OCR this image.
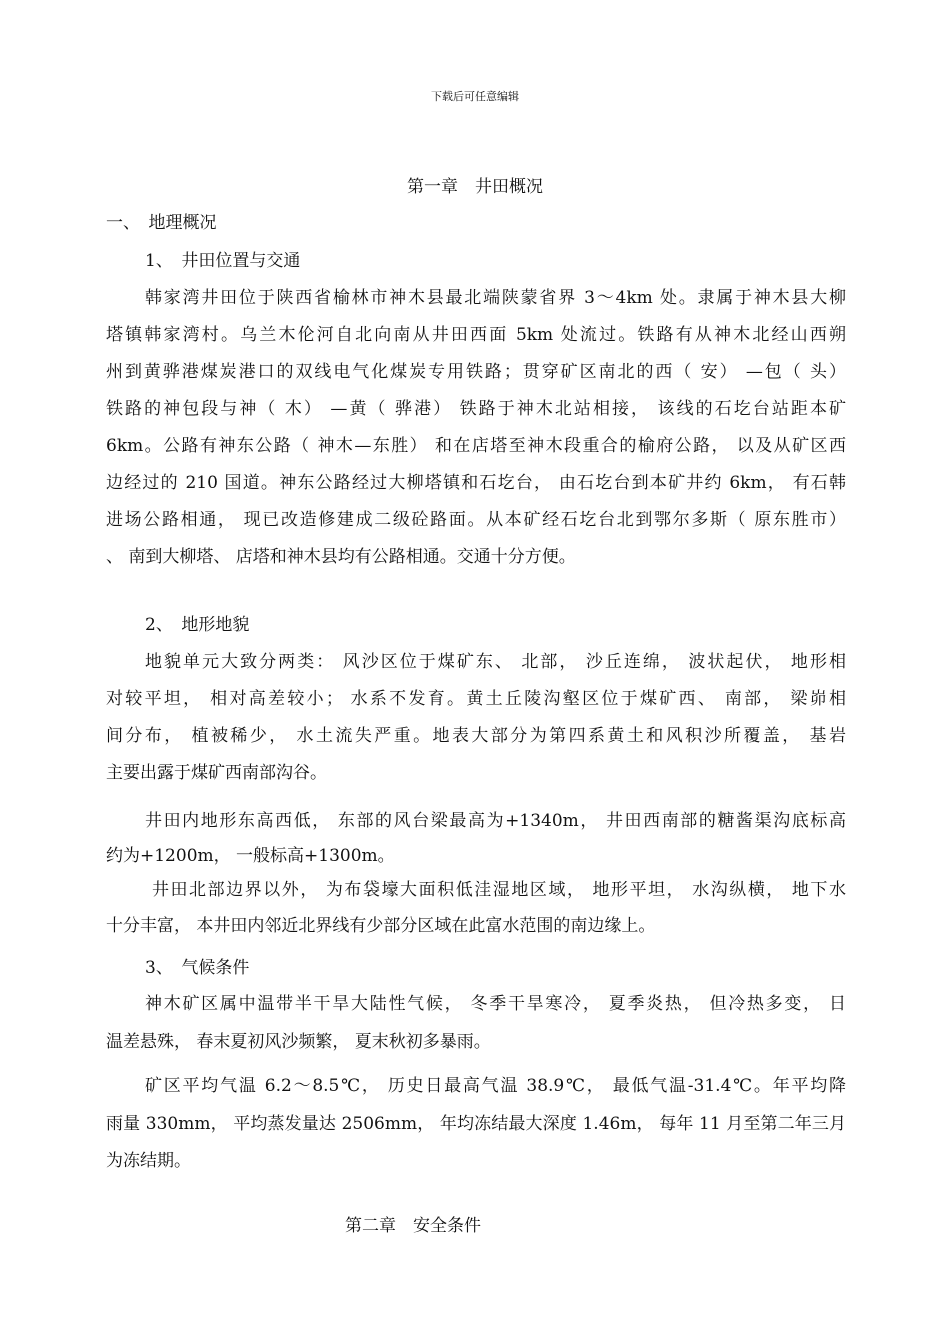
下载后可任意编辑
第一章　井田概况
一、　地理概况
1、　井田位置与交通
韩家湾井田位于陕西省榆林市神木县最北端陕蒙省界 3～4km 处。隶属于神木县大柳
塔镇韩家湾村。乌兰木伦河自北向南从井田西面 5km 处流过。铁路有从神木北经山西朔
州到黄骅港煤炭港口的双线电气化煤炭专用铁路；贯穿矿区南北的西（ 安） —包（ 头）
铁路的神包段与神（ 木） —黄（ 骅港） 铁路于神木北站相接， 该线的石圪台站距本矿
6km。公路有神东公路（ 神木—东胜） 和在店塔至神木段重合的榆府公路， 以及从矿区西
边经过的 210 国道。神东公路经过大柳塔镇和石圪台， 由石圪台到本矿井约 6km， 有石韩
进场公路相通， 现已改造修建成二级砼路面。从本矿经石圪台北到鄂尔多斯（ 原东胜市）
、 南到大柳塔、 店塔和神木县均有公路相通。交通十分方便。
2、　地形地貌
地貌单元大致分两类： 风沙区位于煤矿东、 北部， 沙丘连绵， 波状起伏， 地形相
对较平坦， 相对高差较小； 水系不发育。黄土丘陵沟壑区位于煤矿西、 南部， 梁峁相
间分布， 植被稀少， 水土流失严重。地表大部分为第四系黄土和风积沙所覆盖， 基岩
主要出露于煤矿西南部沟谷。
井田内地形东高西低， 东部的风台梁最高为+1340m， 井田西南部的糖酱渠沟底标高
约为+1200m， 一般标高+1300m。
井田北部边界以外， 为布袋壕大面积低洼湿地区域， 地形平坦， 水沟纵横， 地下水
十分丰富， 本井田内邻近北界线有少部分区域在此富水范围的南边缘上。
3、　气候条件
神木矿区属中温带半干旱大陆性气候， 冬季干旱寒冷， 夏季炎热， 但冷热多变， 日
温差悬殊， 春末夏初风沙频繁， 夏末秋初多暴雨。
矿区平均气温 6.2～8.5℃， 历史日最高气温 38.9℃， 最低气温-31.4℃。年平均降
雨量 330mm， 平均蒸发量达 2506mm， 年均冻结最大深度 1.46m， 每年 11 月至第二年三月
为冻结期。
第二章　安全条件
